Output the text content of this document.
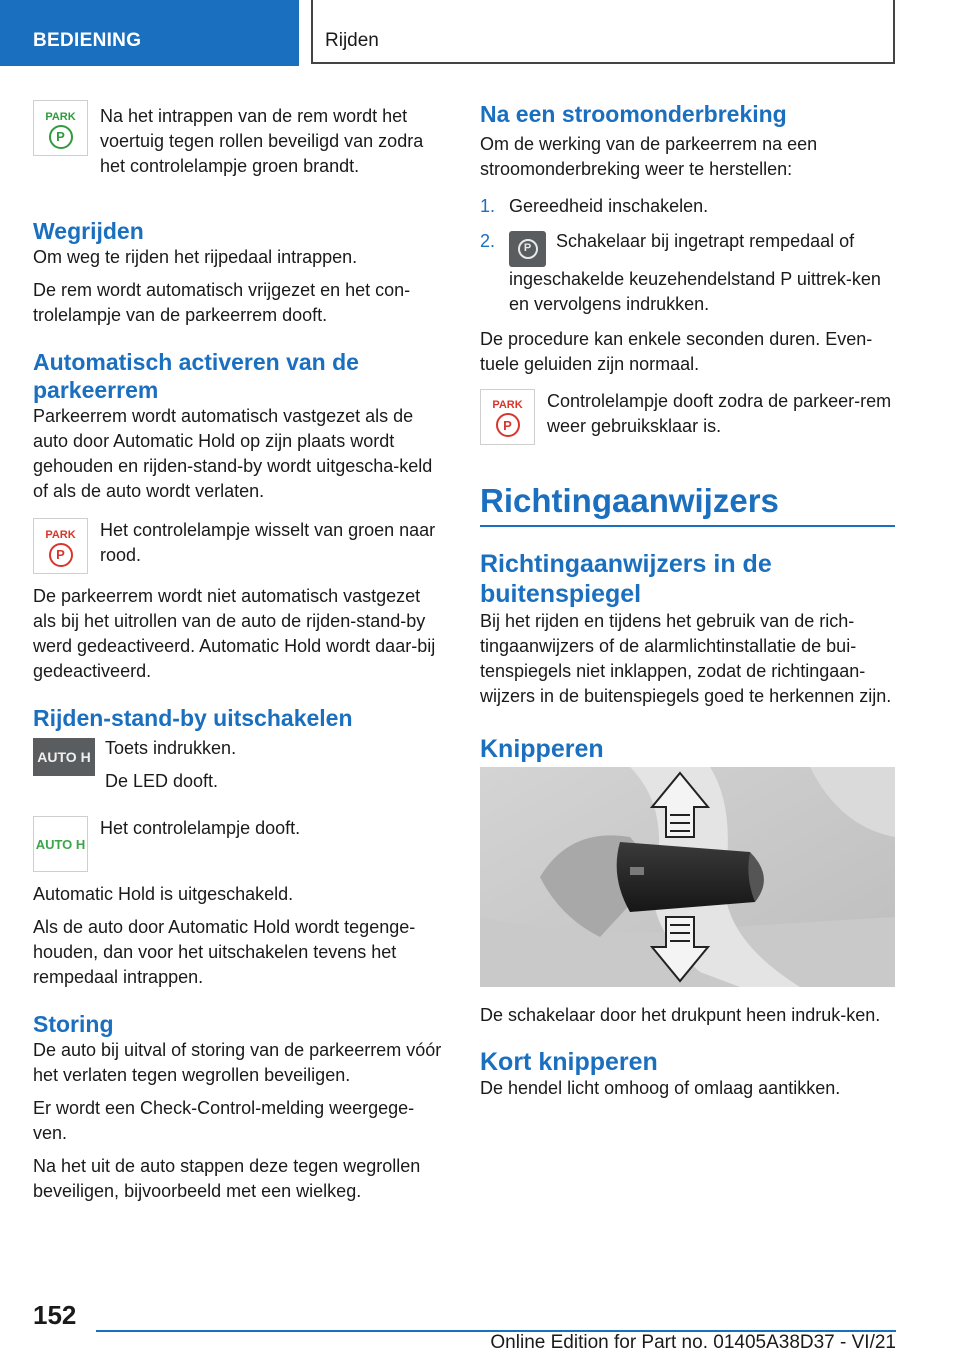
BEDIENING	Rijden
PARK
P

Na het intrappen van de rem wordt het voertuig tegen rollen beveiligd van zodra het controlelampje groen brandt.

Wegrijden

Om weg te rijden het rijpedaal intrappen.

De rem wordt automatisch vrijgezet en het con-trolelampje van de parkeerrem dooft.

Automatisch activeren van de parkeerrem

Parkeerrem wordt automatisch vastgezet als de auto door Automatic Hold op zijn plaats wordt gehouden en rijden-stand-by wordt uitgescha-keld of als de auto wordt verlaten.

PARK
P

Het controlelampje wisselt van groen naar rood.

De parkeerrem wordt niet automatisch vastgezet als bij het uitrollen van de auto de rijden-stand-by werd gedeactiveerd. Automatic Hold wordt daar-bij gedeactiveerd.

Rijden-stand-by uitschakelen
AUTO H Toets indrukken.

De LED dooft.

AUTO H

Het controlelampje dooft.

Automatic Hold is uitgeschakeld.

Als de auto door Automatic Hold wordt tegenge-houden, dan voor het uitschakelen tevens het rempedaal intrappen.

Storing

De auto bij uitval of storing van de parkeerrem vóór het verlaten tegen wegrollen beveiligen.

Er wordt een Check-Control-melding weergege-ven.

Na het uit de auto stappen deze tegen wegrollen beveiligen, bijvoorbeeld met een wielkeg.

Na een stroomonderbreking

Om de werking van de parkeerrem na een stroomonderbreking weer te herstellen:

1. Gereedheid inschakelen.
2.	P	Schakelaar bij ingetrapt rempedaal of ingeschakelde keuzehendelstand P uittrek-ken en vervolgens indrukken.

De procedure kan enkele seconden duren. Even-tuele geluiden zijn normaal.

PARK
P

Controlelampje dooft zodra de parkeer-rem weer gebruiksklaar is.

Richtingaanwijzers
Richtingaanwijzers in de buitenspiegel

Bij het rijden en tijdens het gebruik van de rich-tingaanwijzers of de alarmlichtinstallatie de bui-tenspiegels niet inklappen, zodat de richtingaan-wijzers in de buitenspiegels goed te herkennen zijn.

Knipperen

De schakelaar door het drukpunt heen indruk-ken.

Kort knipperen

De hendel licht omhoog of omlaag aantikken.

152
Online Edition for Part no. 01405A38D37 - VI/21
